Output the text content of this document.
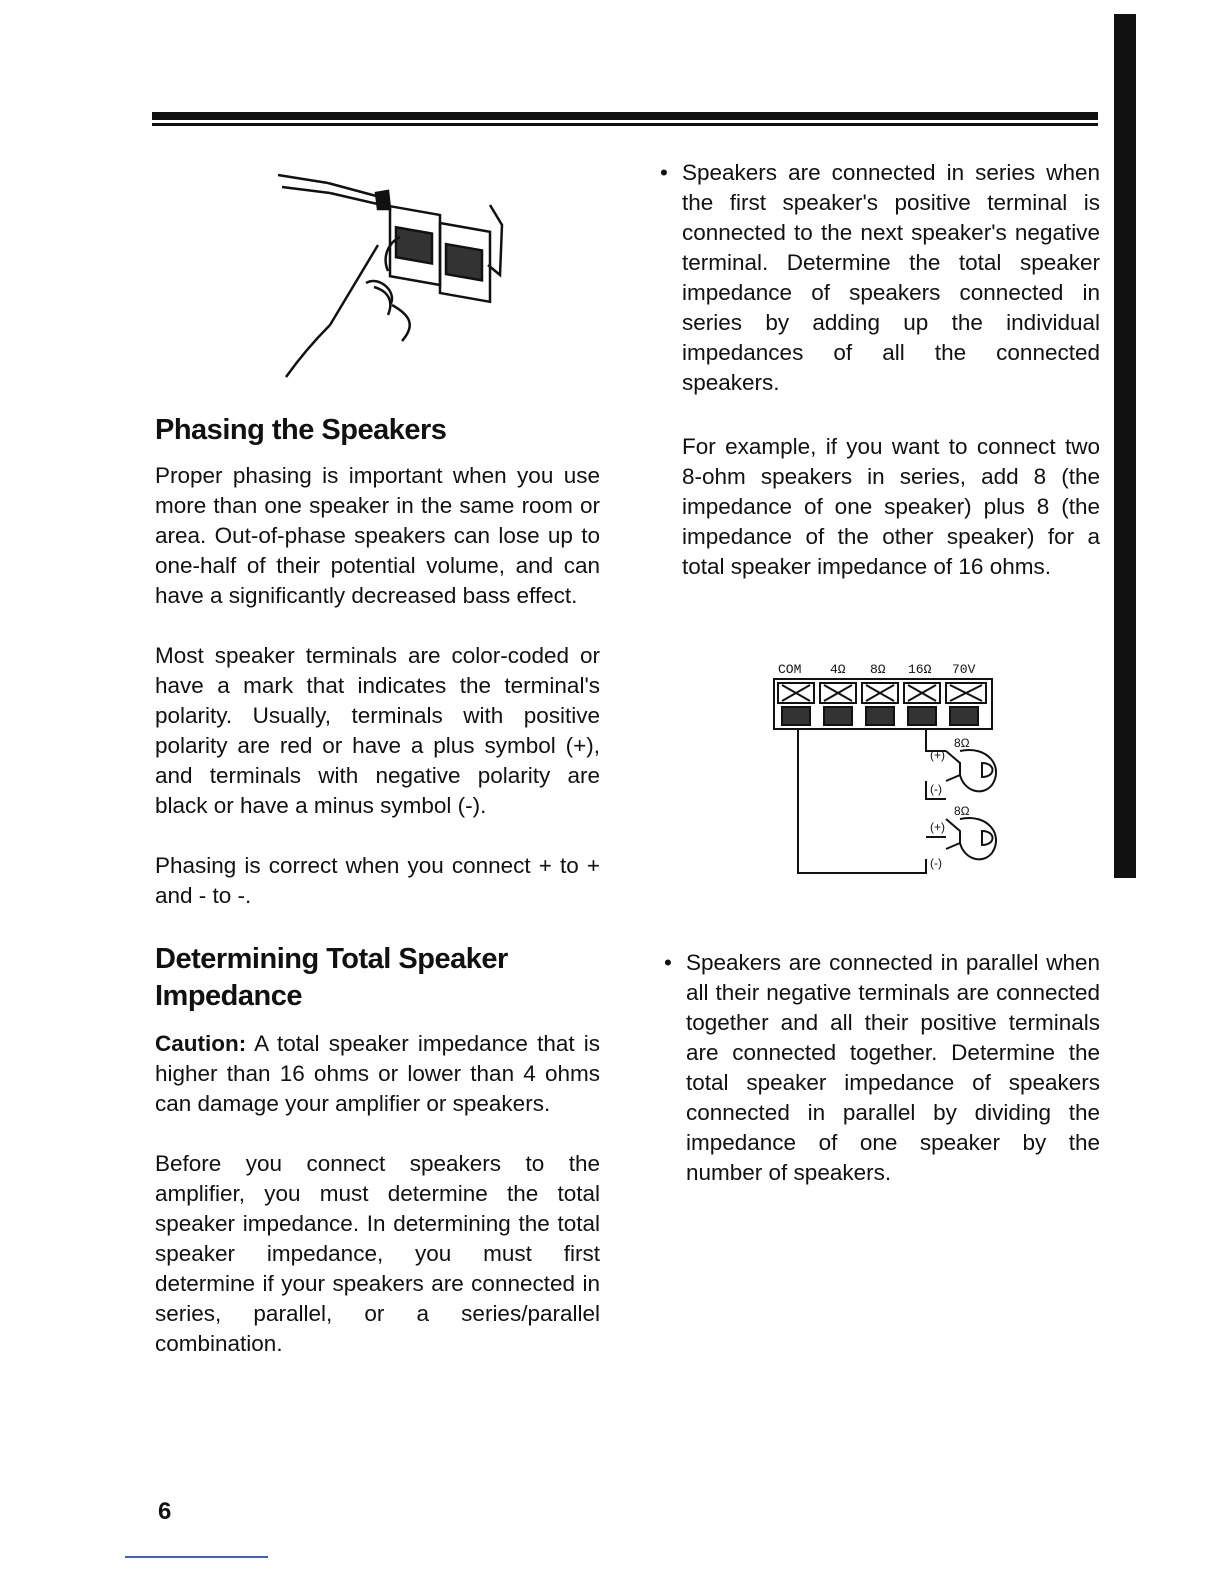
Phasing the Speakers

Proper phasing is important when you use more than one speaker in the same room or area. Out-of-phase speakers can lose up to one-half of their potential volume, and can have a significantly decreased bass effect.

Most speaker terminals are color-coded or have a mark that indicates the terminal's polarity. Usually, terminals with positive polarity are red or have a plus symbol (+), and terminals with negative polarity are black or have a minus symbol (-).

Phasing is correct when you connect + to + and - to -.

Determining Total Speaker Impedance

Caution: A total speaker impedance that is higher than 16 ohms or lower than 4 ohms can damage your amplifier or speakers.

Before you connect speakers to the amplifier, you must determine the total speaker impedance. In determining the total speaker impedance, you must first determine if your speakers are connected in series, parallel, or a series/parallel combination.

• Speakers are connected in series when the first speaker's positive terminal is connected to the next speaker's negative terminal. Determine the total speaker impedance of speakers connected in series by adding up the individual impedances of all the connected speakers.

For example, if you want to connect two 8-ohm speakers in series, add 8 (the impedance of one speaker) plus 8 (the impedance of the other speaker) for a total speaker impedance of 16 ohms.

COM 4Ω 8Ω 16Ω 70V
(+)
8Ω
(-)
8Ω
(+)
(-)

• Speakers are connected in parallel when all their negative terminals are connected together and all their positive terminals are connected together. Determine the total speaker impedance of speakers connected in parallel by dividing the impedance of one speaker by the number of speakers.

6
